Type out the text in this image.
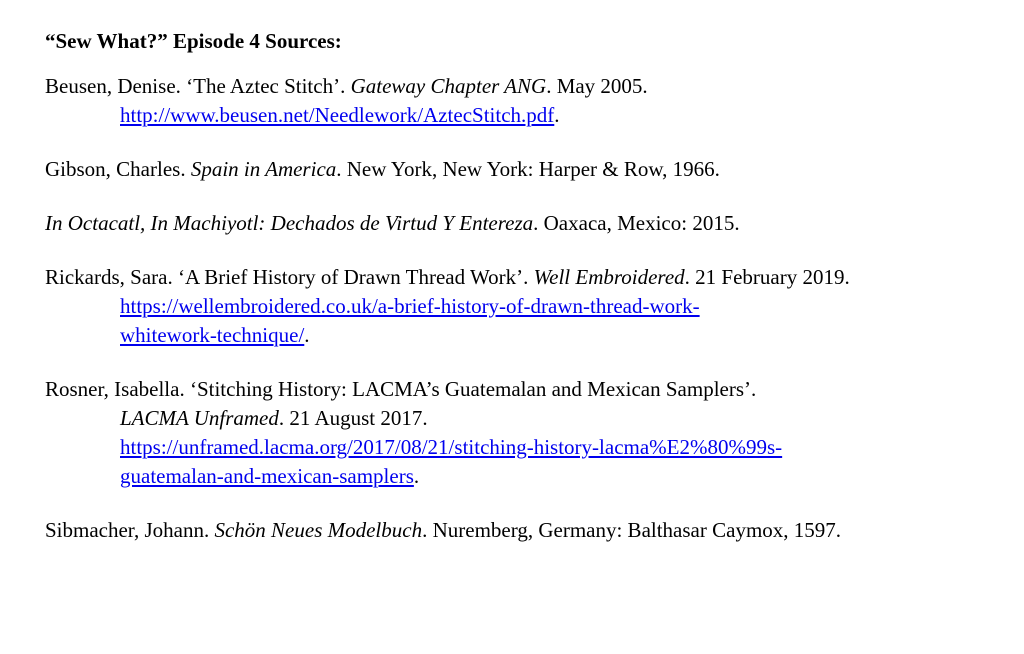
“Sew What?” Episode 4 Sources:
Beusen, Denise. ‘The Aztec Stitch’. Gateway Chapter ANG. May 2005.
http://www.beusen.net/Needlework/AztecStitch.pdf.
Gibson, Charles. Spain in America. New York, New York: Harper & Row, 1966.
In Octacatl, In Machiyotl: Dechados de Virtud Y Entereza. Oaxaca, Mexico: 2015.
Rickards, Sara. ‘A Brief History of Drawn Thread Work’. Well Embroidered. 21 February 2019. https://wellembroidered.co.uk/a-brief-history-of-drawn-thread-work-
whitework-technique/.
Rosner, Isabella. ‘Stitching History: LACMA’s Guatemalan and Mexican Samplers’.
LACMA Unframed. 21 August 2017.
https://unframed.lacma.org/2017/08/21/stitching-history-lacma%E2%80%99s-
guatemalan-and-mexican-samplers.
Sibmacher, Johann. Schön Neues Modelbuch. Nuremberg, Germany: Balthasar Caymox, 1597.
